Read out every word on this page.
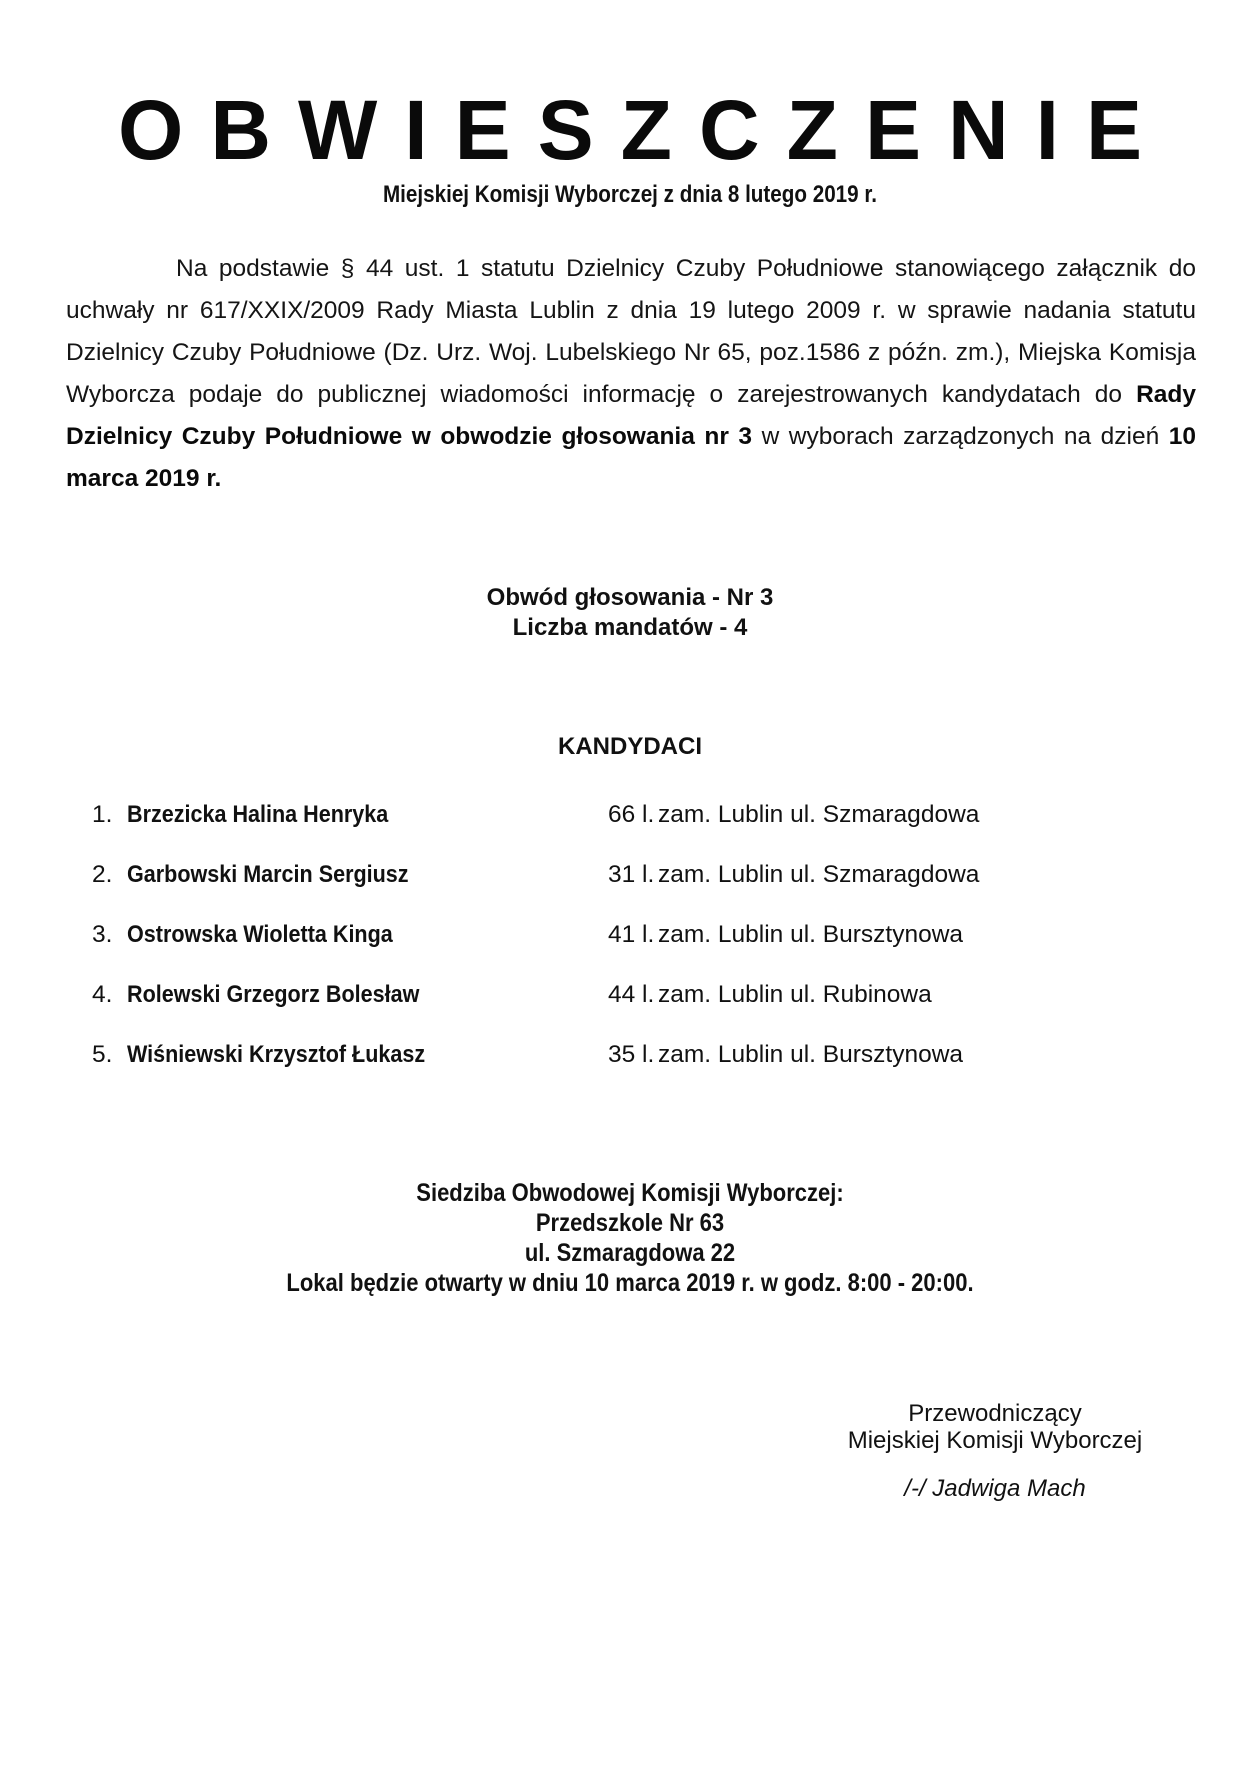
OBWIESZCZENIE
Miejskiej Komisji Wyborczej z dnia 8 lutego 2019 r.
Na podstawie § 44 ust. 1 statutu Dzielnicy Czuby Południowe stanowiącego załącznik do uchwały nr 617/XXIX/2009 Rady Miasta Lublin z dnia 19 lutego 2009 r. w sprawie nadania statutu Dzielnicy Czuby Południowe (Dz. Urz. Woj. Lubelskiego Nr 65, poz.1586 z późn. zm.), Miejska Komisja Wyborcza podaje do publicznej wiadomości informację o zarejestrowanych kandydatach do Rady Dzielnicy Czuby Południowe w obwodzie głosowania nr 3 w wyborach zarządzonych na dzień 10 marca 2019 r.
Obwód głosowania - Nr 3
Liczba mandatów - 4
KANDYDACI
1. Brzezicka Halina Henryka	66 l. zam. Lublin ul. Szmaragdowa
2. Garbowski Marcin Sergiusz	31 l. zam. Lublin ul. Szmaragdowa
3. Ostrowska Wioletta Kinga	41 l. zam. Lublin ul. Bursztynowa
4. Rolewski Grzegorz Bolesław	44 l. zam. Lublin ul. Rubinowa
5. Wiśniewski Krzysztof Łukasz	35 l. zam. Lublin ul. Bursztynowa
Siedziba Obwodowej Komisji Wyborczej:
Przedszkole Nr 63
ul. Szmaragdowa 22
Lokal będzie otwarty w dniu 10 marca 2019 r. w godz. 8:00 - 20:00.
Przewodniczący
Miejskiej Komisji Wyborczej
/-/ Jadwiga Mach
